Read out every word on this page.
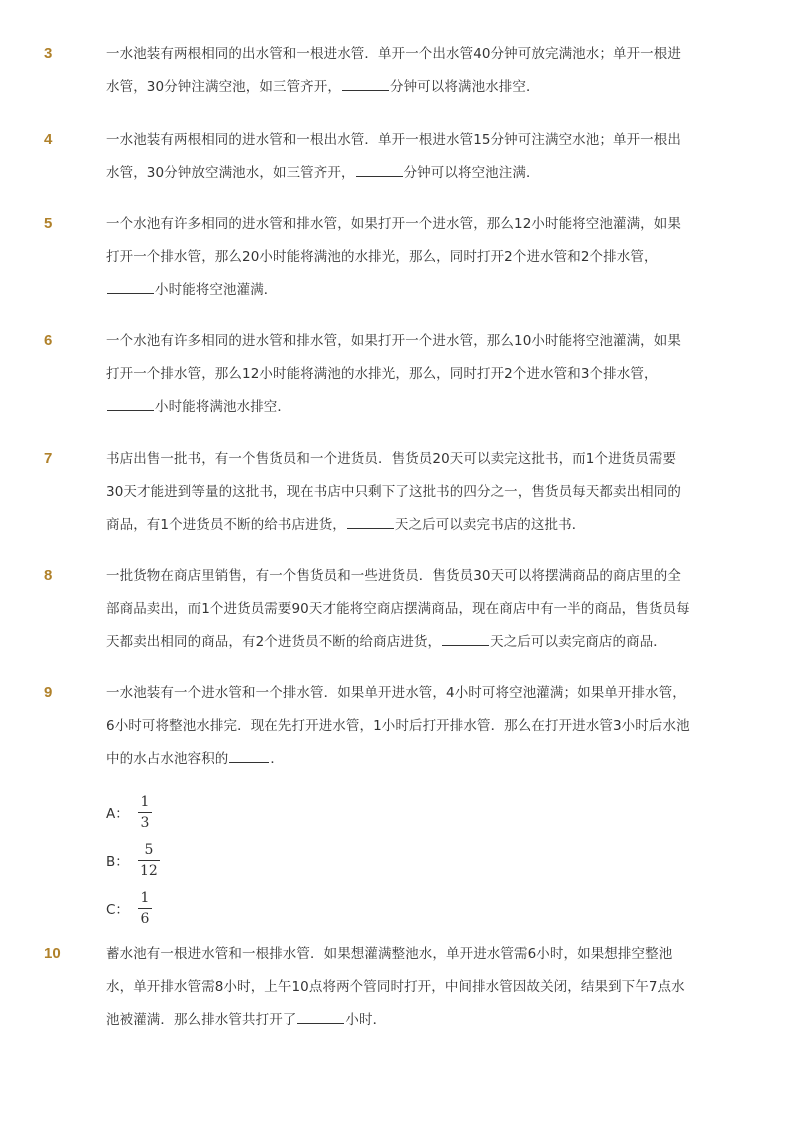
3	一水池装有两根相同的出水管和一根进水管．单开一个出水管40分钟可放完满池水；单开一根进
水管，30分钟注满空池，如三管齐开，	分钟可以将满池水排空．
4	一水池装有两根相同的进水管和一根出水管．单开一根进水管15分钟可注满空水池；单开一根出
水管，30分钟放空满池水，如三管齐开，	分钟可以将空池注满．
5	一个水池有许多相同的进水管和排水管，如果打开一个进水管，那么12小时能将空池灌满，如果
打开一个排水管，那么20小时能将满池的水排光，那么，同时打开2个进水管和2个排水管，
小时能将空池灌满．
6	一个水池有许多相同的进水管和排水管，如果打开一个进水管，那么10小时能将空池灌满，如果
打开一个排水管，那么12小时能将满池的水排光，那么，同时打开2个进水管和3个排水管，
小时能将满池水排空．
7	书店出售一批书，有一个售货员和一个进货员．售货员20天可以卖完这批书，而1个进货员需要
30天才能进到等量的这批书，现在书店中只剩下了这批书的四分之一，售货员每天都卖出相同的
商品，有1个进货员不断的给书店进货，	天之后可以卖完书店的这批书．
8	一批货物在商店里销售，有一个售货员和一些进货员．售货员30天可以将摆满商品的商店里的全
部商品卖出，而1个进货员需要90天才能将空商店摆满商品，现在商店中有一半的商品，售货员每
天都卖出相同的商品，有2个进货员不断的给商店进货，	天之后可以卖完商店的商品．
9	一水池装有一个进水管和一个排水管．如果单开进水管，4小时可将空池灌满；如果单开排水管，
6小时可将整池水排完．现在先打开进水管，1小时后打开排水管．那么在打开进水管3小时后水池
中的水占水池容积的	．
A： $\frac{1}{3}$
B： $\frac{5}{12}$
C： $\frac{1}{6}$
10	蓄水池有一根进水管和一根排水管．如果想灌满整池水，单开进水管需6小时，如果想排空整池
水，单开排水管需8小时，上午10点将两个管同时打开，中间排水管因故关闭，结果到下午7点水
池被灌满．那么排水管共打开了	小时．
